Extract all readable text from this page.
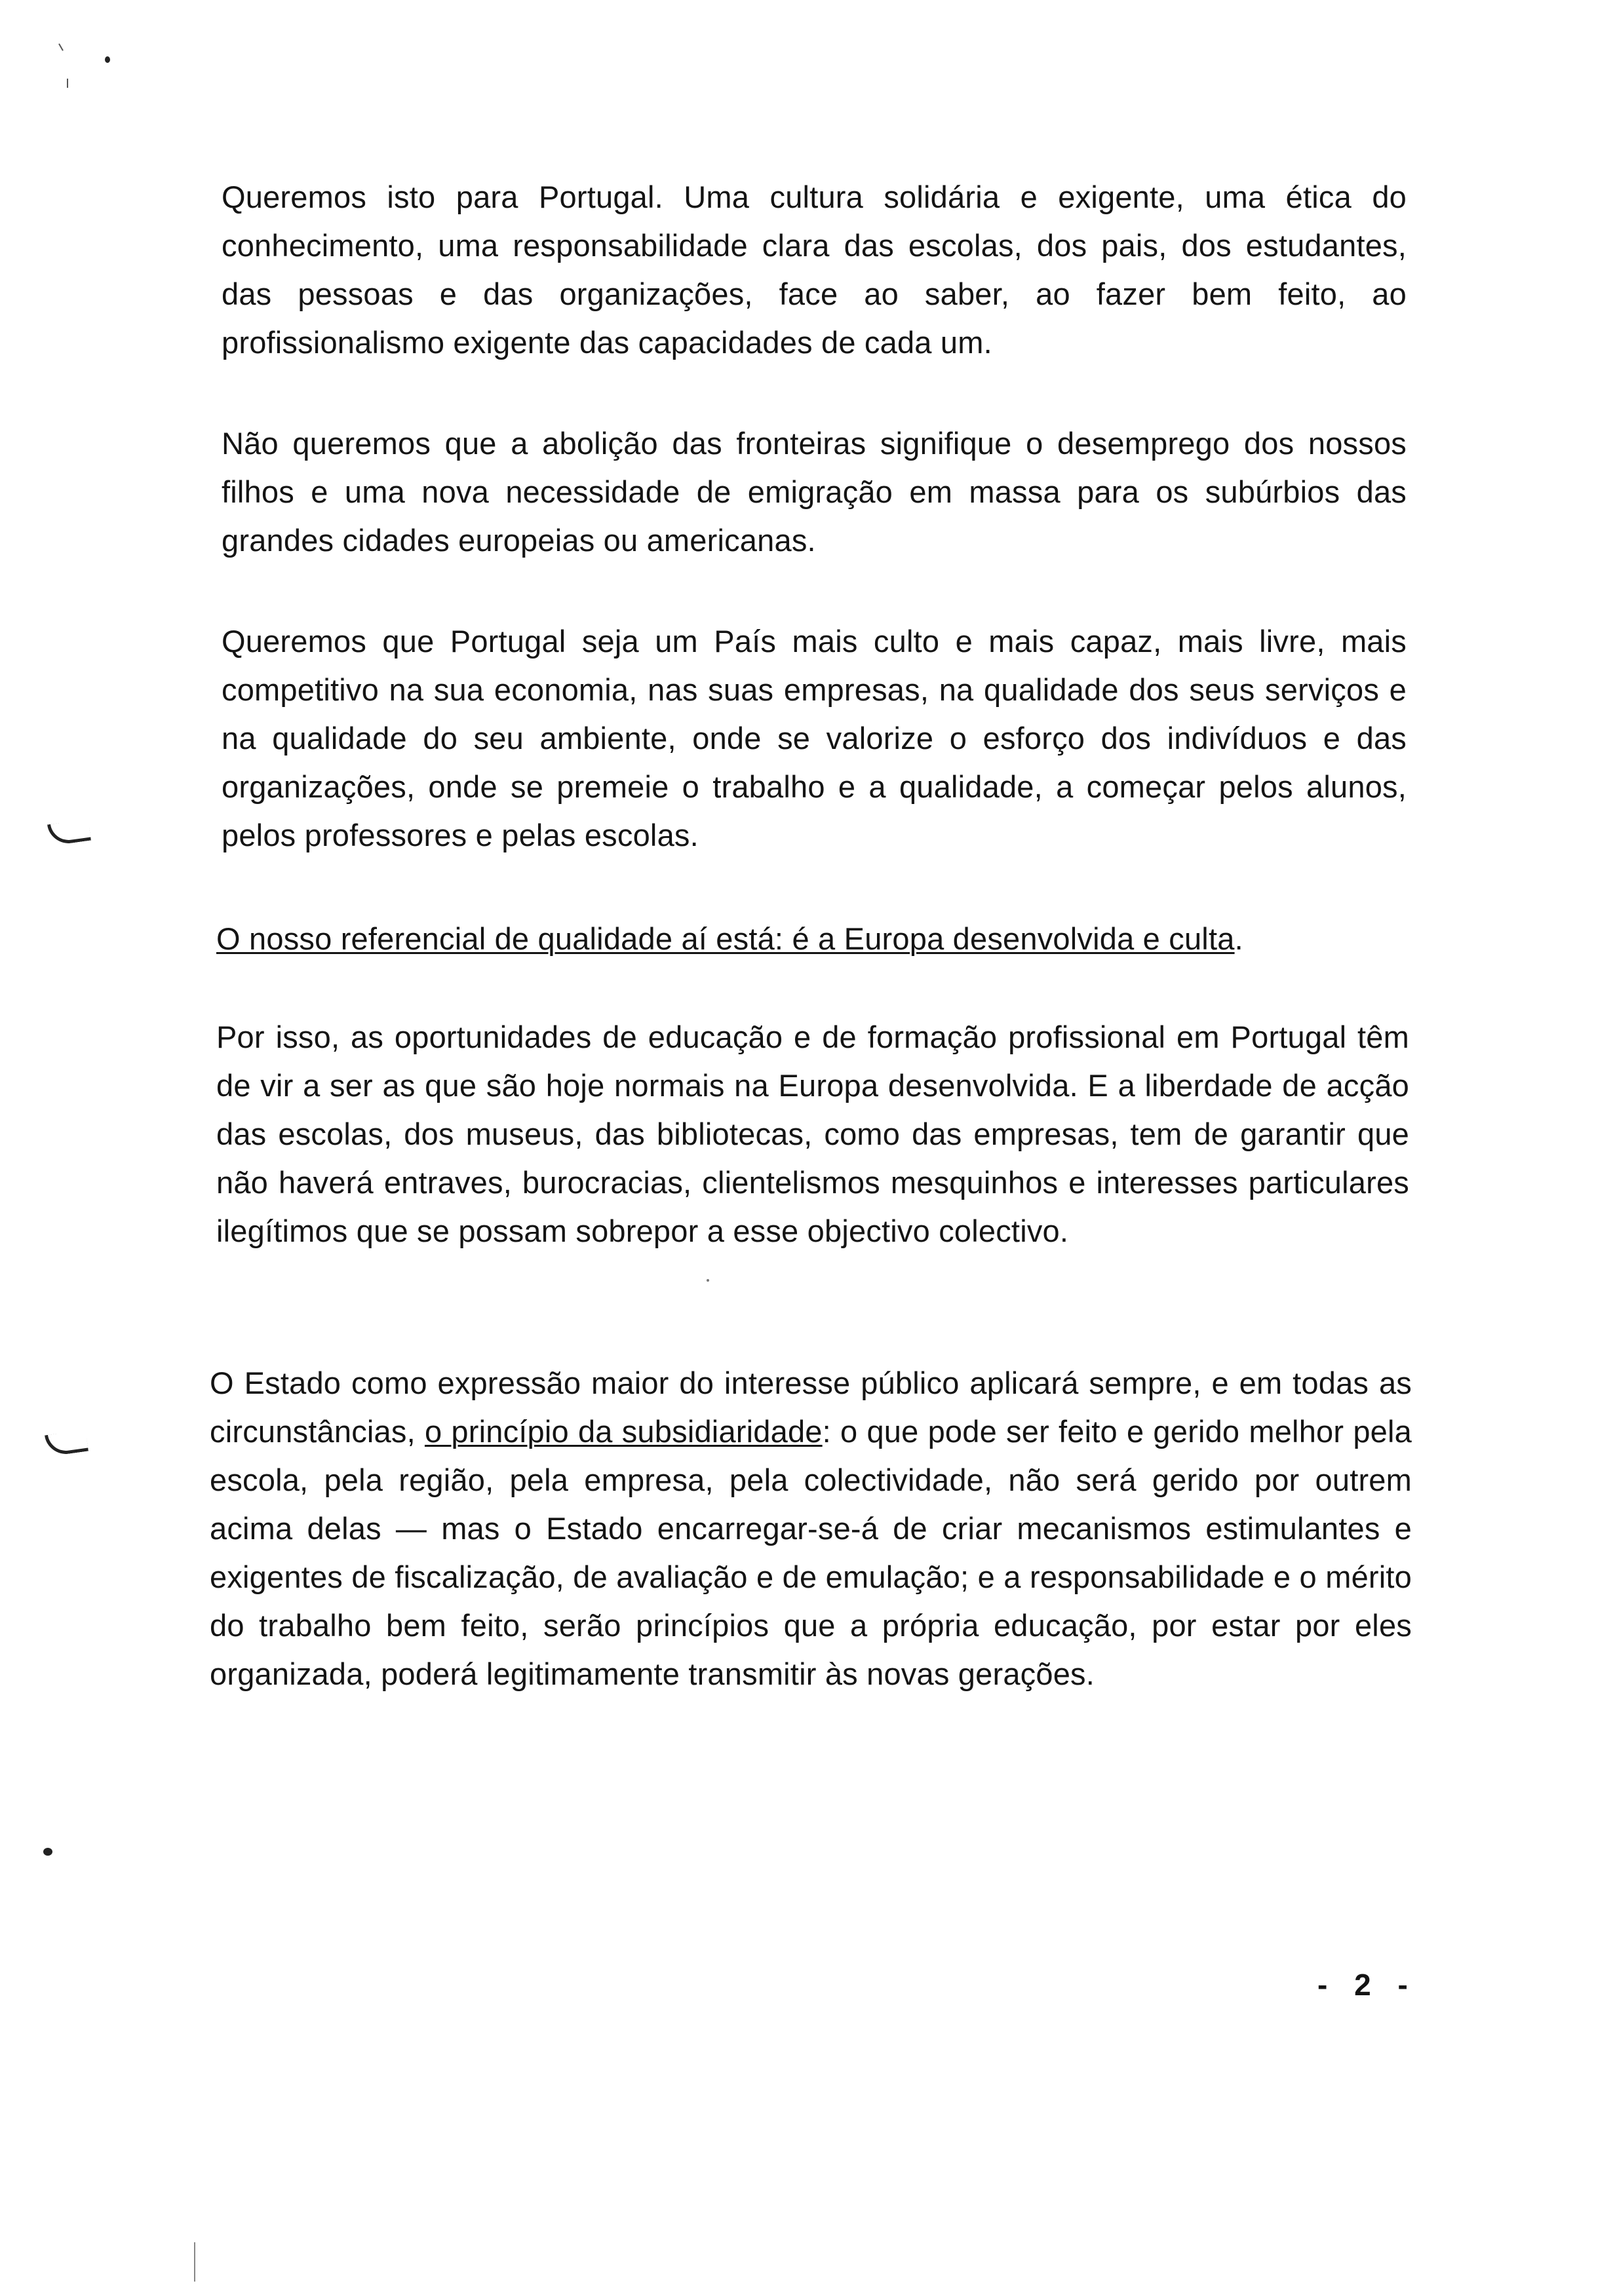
Queremos isto para Portugal. Uma cultura solidária e exigente, uma ética do conhecimento, uma responsabilidade clara das escolas, dos pais, dos estudantes, das pessoas e das organizações, face ao saber, ao fazer bem feito, ao profissionalismo exigente das capacidades de cada um.

Não queremos que a abolição das fronteiras signifique o desemprego dos nossos filhos e uma nova necessidade de emigração em massa para os subúrbios das grandes cidades europeias ou americanas.

Queremos que Portugal seja um País mais culto e mais capaz, mais livre, mais competitivo na sua economia, nas suas empresas, na qualidade dos seus serviços e na qualidade do seu ambiente, onde se valorize o esforço dos indivíduos e das organizações, onde se premeie o trabalho e a qualidade, a começar pelos alunos, pelos professores e pelas escolas.

O nosso referencial de qualidade aí está: é a Europa desenvolvida e culta.

Por isso, as oportunidades de educação e de formação profissional em Portugal têm de vir a ser as que são hoje normais na Europa desenvolvida. E a liberdade de acção das escolas, dos museus, das bibliotecas, como das empresas, tem de garantir que não haverá entraves, burocracias, clientelismos mesquinhos e interesses particulares ilegítimos que se possam sobrepor a esse objectivo colectivo.

O Estado como expressão maior do interesse público aplicará sempre, e em todas as circunstâncias, o princípio da subsidiaridade: o que pode ser feito e gerido melhor pela escola, pela região, pela empresa, pela colectividade, não será gerido por outrem acima delas — mas o Estado encarregar-se-á de criar mecanismos estimulantes e exigentes de fiscalização, de avaliação e de emulação; e a responsabilidade e o mérito do trabalho bem feito, serão princípios que a própria educação, por estar por eles organizada, poderá legitimamente transmitir às novas gerações.

- 2 -
